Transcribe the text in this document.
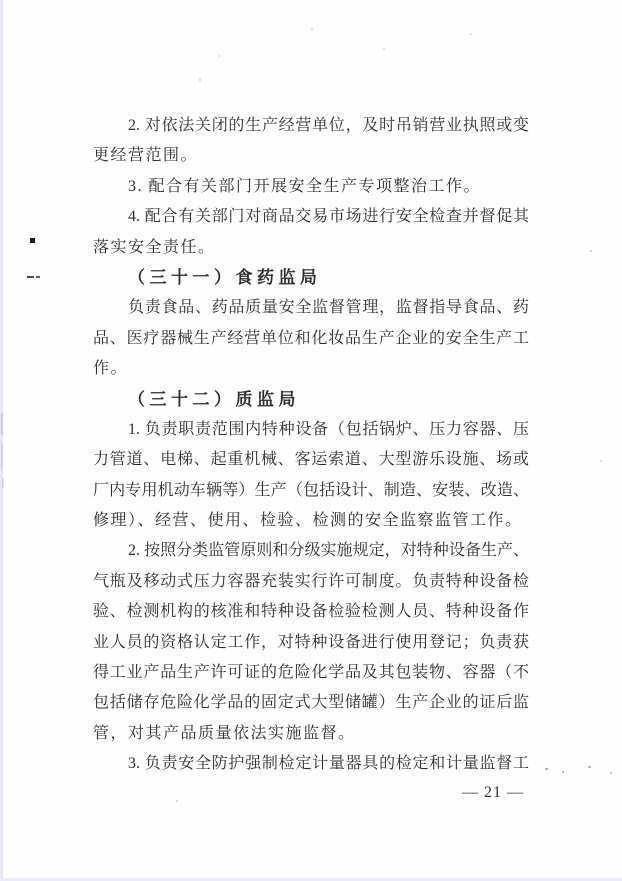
2. 对依法关闭的生产经营单位，及时吊销营业执照或变
更经营范围。
3. 配合有关部门开展安全生产专项整治工作。
4. 配合有关部门对商品交易市场进行安全检查并督促其
落实安全责任。
（三十一）食药监局
负责食品、药品质量安全监督管理，监督指导食品、药
品、医疗器械生产经营单位和化妆品生产企业的安全生产工
作。
（三十二）质监局
1. 负责职责范围内特种设备（包括锅炉、压力容器、压
力管道、电梯、起重机械、客运索道、大型游乐设施、场或
厂内专用机动车辆等）生产（包括设计、制造、安装、改造、
修理）、经营、使用、检验、检测的安全监察监管工作。
2. 按照分类监管原则和分级实施规定，对特种设备生产、
气瓶及移动式压力容器充装实行许可制度。负责特种设备检
验、检测机构的核准和特种设备检验检测人员、特种设备作
业人员的资格认定工作，对特种设备进行使用登记；负责获
得工业产品生产许可证的危险化学品及其包装物、容器（不
包括储存危险化学品的固定式大型储罐）生产企业的证后监
管，对其产品质量依法实施监督。
3. 负责安全防护强制检定计量器具的检定和计量监督工
— 21 —
